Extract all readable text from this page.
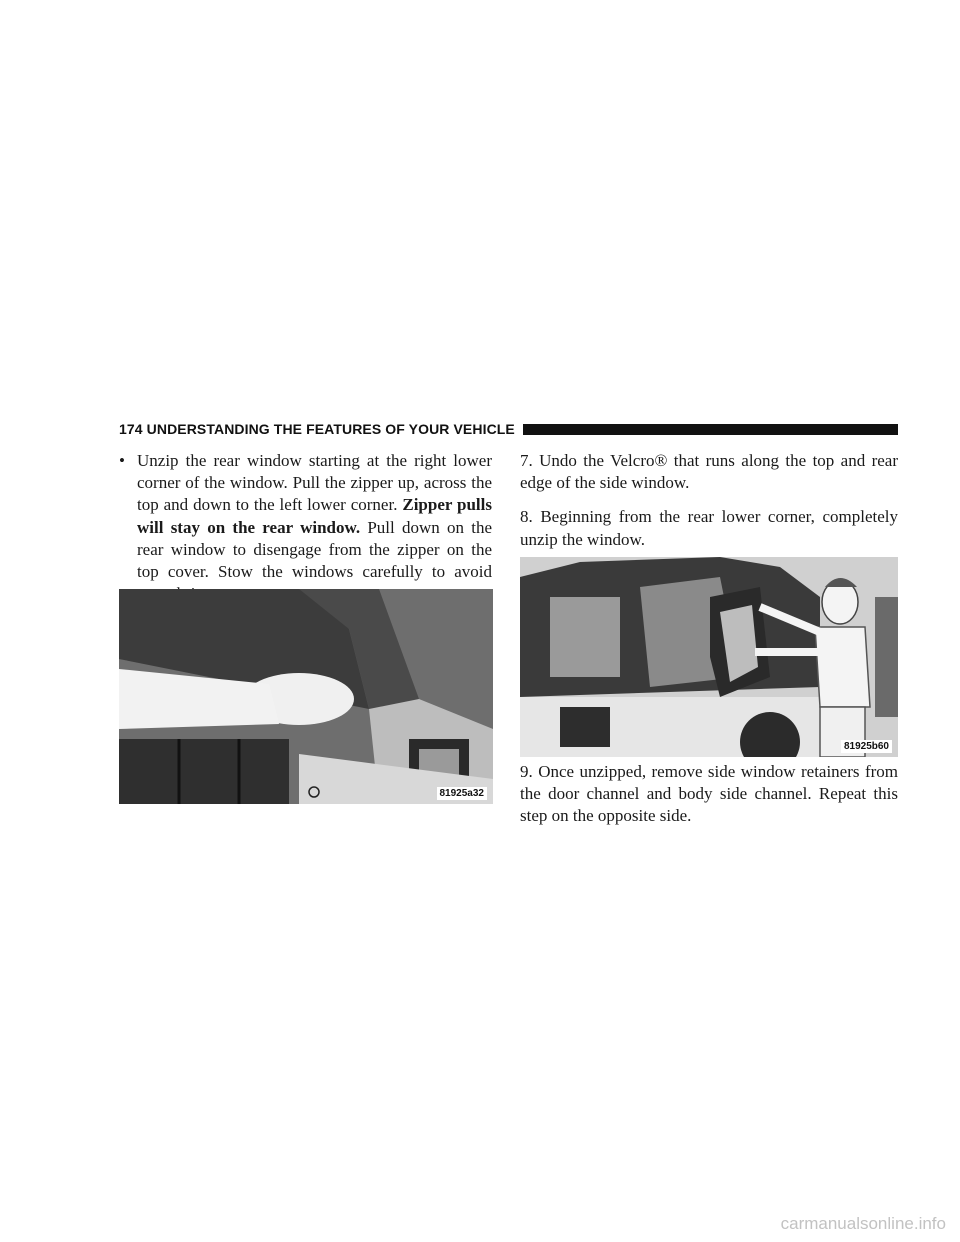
174 UNDERSTANDING THE FEATURES OF YOUR VEHICLE
• Unzip the rear window starting at the right lower corner of the window. Pull the zipper up, across the top and down to the left lower corner. Zipper pulls will stay on the rear window. Pull down on the rear window to disengage from the zipper on the top cover. Stow the windows carefully to avoid
81925a32

7. Undo the Velcro® that runs along the top and rear edge of the side window.

8. Beginning from the rear lower corner, completely unzip the window.

81925b60

9. Once unzipped, remove side window retainers from the door channel and body side channel. Repeat this step on the opposite side.

carmanualsonline.info
